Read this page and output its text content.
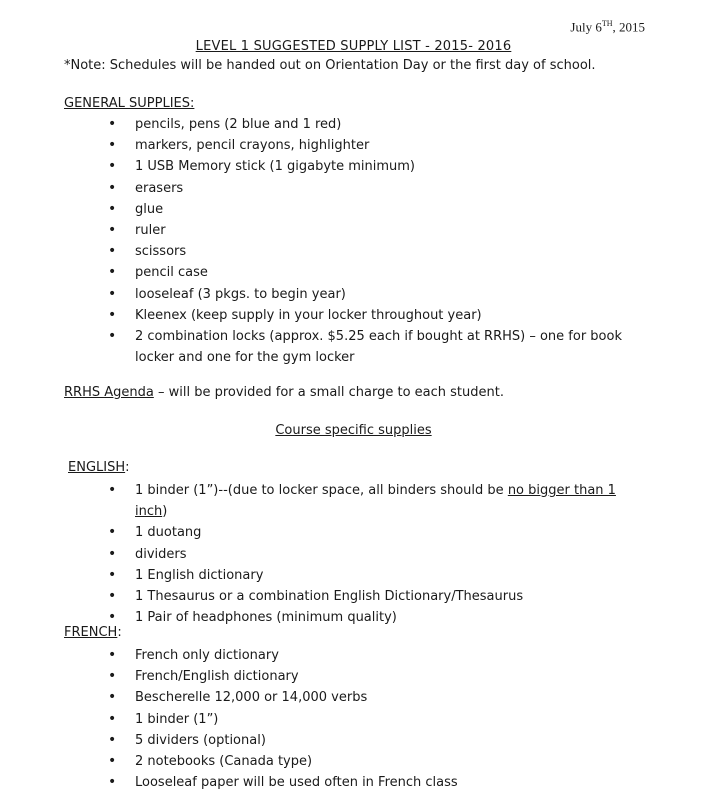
July 6TH, 2015
LEVEL 1 SUGGESTED SUPPLY LIST - 2015- 2016
*Note: Schedules will be handed out on Orientation Day or the first day of school.
GENERAL SUPPLIES:
• pencils, pens (2 blue and 1 red)
• markers, pencil crayons, highlighter
• 1 USB Memory stick (1 gigabyte minimum)
• erasers
• glue
• ruler
• scissors
• pencil case
• looseleaf (3 pkgs. to begin year)
• Kleenex (keep supply in your locker throughout year)
• 2 combination locks (approx. $5.25 each if bought at RRHS) – one for book locker and one for the gym locker
RRHS Agenda – will be provided for a small charge to each student.
Course specific supplies
ENGLISH:
• 1 binder (1”)--(due to locker space, all binders should be no bigger than 1 inch)
• 1 duotang
• dividers
• 1 English dictionary
• 1 Thesaurus or a combination English Dictionary/Thesaurus
• 1 Pair of headphones (minimum quality)
FRENCH:
• French only dictionary
• French/English dictionary
• Bescherelle 12,000 or 14,000 verbs
• 1 binder (1”)
• 5 dividers (optional)
• 2 notebooks (Canada type)
• Looseleaf paper will be used often in French class
